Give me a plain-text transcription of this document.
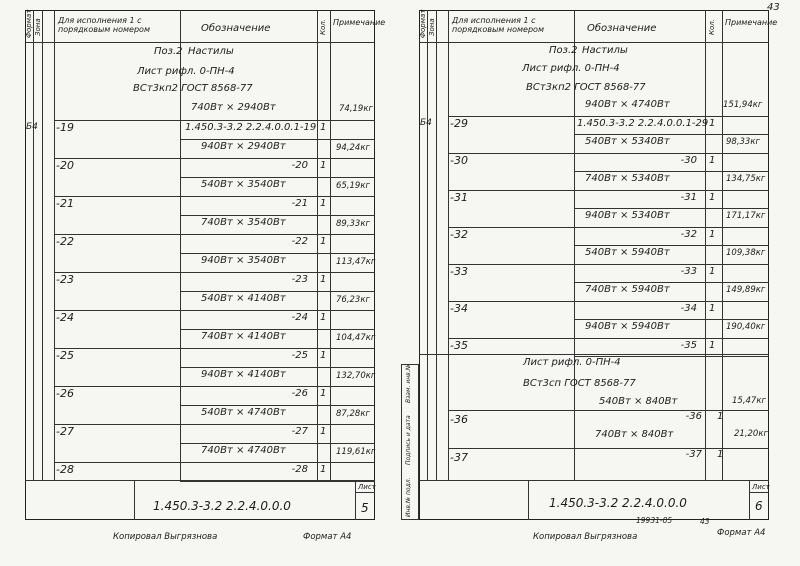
43
Формат Зона Для исполнения 1 с порядковым номером	Обозначение	Кол. Примечание
Поз.2 Настилы
Лист рифл. 0-ПН-4
ВСт3кп2 ГОСТ 8568-77
740Вт × 2940Вт	74,19кг
Б4 -19	1.450.3-3.2 2.2.4.0.0.1-19 1
940Вт × 2940Вт	94,24кг
-20	-20 1
540Вт × 3540Вт	65,19кг
-21	-21 1
740Вт × 3540Вт	89,33кг
-22	-22 1
940Вт × 3540Вт	113,47кг
-23	-23 1
540Вт × 4140Вт	76,23кг
-24	-24 1
740Вт × 4140Вт	104,47кг
-25	-25 1
940Вт × 4140Вт	132,70кг
-26	-26 1
540Вт × 4740Вт	87,28кг
-27	-27 1
740Вт × 4740Вт	119,61кг
-28	-28 1
1.450.3-3.2 2.2.4.0.0.0
Лист
5
Копировал Выгрязнова	Формат А4
Инв.№ подл.
Подпись и дата
Взам. инв.№
Формат Зона Для исполнения 1 с порядковым номером	Обозначение	Кол. Примечание
Поз.2 Настилы
Лист рифл. 0-ПН-4
ВСт3кп2 ГОСТ 8568-77
940Вт × 4740Вт	151,94кг
Б4 -29	1.450.3-3.2 2.2.4.0.0.1-29 1
540Вт × 5340Вт	98,33кг
-30	-30 1
740Вт × 5340Вт	134,75кг
-31	-31 1
940Вт × 5340Вт	171,17кг
-32	-32 1
540Вт × 5940Вт	109,38кг
-33	-33 1
740Вт × 5940Вт	149,89кг
-34	-34 1
940Вт × 5940Вт	190,40кг
-35	-35 1
Лист рифл. 0-ПН-4
ВСт3сп ГОСТ 8568-77
540Вт × 840Вт	15,47кг
-36	-36 1
740Вт × 840Вт	21,20кг
-37	-37 1
1.450.3-3.2 2.2.4.0.0.0
Лист
6
19931-05	43
Копировал Выгрязнова	Формат А4
